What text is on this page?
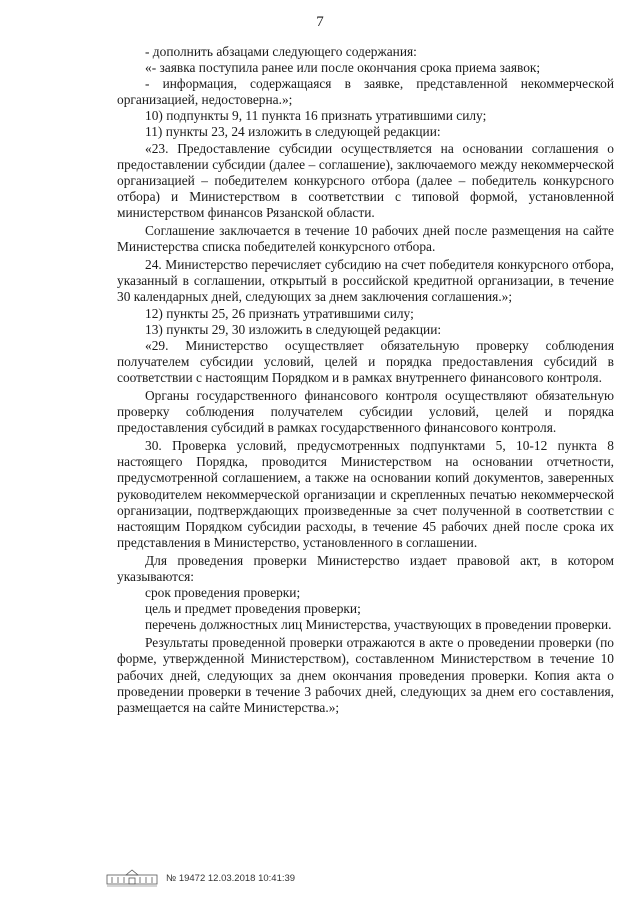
7

- дополнить абзацами следующего содержания:

«- заявка поступила ранее или после окончания срока приема заявок;

- информация, содержащаяся в заявке, представленной некоммерческой организацией, недостоверна.»;

10) подпункты 9, 11 пункта 16 признать утратившими силу;

11) пункты 23, 24 изложить в следующей редакции:

«23. Предоставление субсидии осуществляется на основании соглашения о предоставлении субсидии (далее – соглашение), заключаемого между некоммерческой организацией – победителем конкурсного отбора (далее – победитель конкурсного отбора) и Министерством в соответствии с типовой формой, установленной министерством финансов Рязанской области.

Соглашение заключается в течение 10 рабочих дней после размещения на сайте Министерства списка победителей конкурсного отбора.

24. Министерство перечисляет субсидию на счет победителя конкурсного отбора, указанный в соглашении, открытый в российской кредитной организации, в течение 30 календарных дней, следующих за днем заключения соглашения.»;

12) пункты 25, 26 признать утратившими силу;

13) пункты 29, 30 изложить в следующей редакции:

«29. Министерство осуществляет обязательную проверку соблюдения получателем субсидии условий, целей и порядка предоставления субсидий в соответствии с настоящим Порядком и в рамках внутреннего финансового контроля.

Органы государственного финансового контроля осуществляют обязательную проверку соблюдения получателем субсидии условий, целей и порядка предоставления субсидий в рамках государственного финансового контроля.

30. Проверка условий, предусмотренных подпунктами 5, 10-12 пункта 8 настоящего Порядка, проводится Министерством на основании отчетности, предусмотренной соглашением, а также на основании копий документов, заверенных руководителем некоммерческой организации и скрепленных печатью некоммерческой организации, подтверждающих произведенные за счет полученной в соответствии с настоящим Порядком субсидии расходы, в течение 45 рабочих дней после срока их представления в Министерство, установленного в соглашении.

Для проведения проверки Министерство издает правовой акт, в котором указываются:

срок проведения проверки;

цель и предмет проведения проверки;

перечень должностных лиц Министерства, участвующих в проведении проверки.

Результаты проведенной проверки отражаются в акте о проведении проверки (по форме, утвержденной Министерством), составленном Министерством в течение 10 рабочих дней, следующих за днем окончания проведения проверки. Копия акта о проведении проверки в течение 3 рабочих дней, следующих за днем его составления, размещается на сайте Министерства.»;

№ 19472 12.03.2018 10:41:39
